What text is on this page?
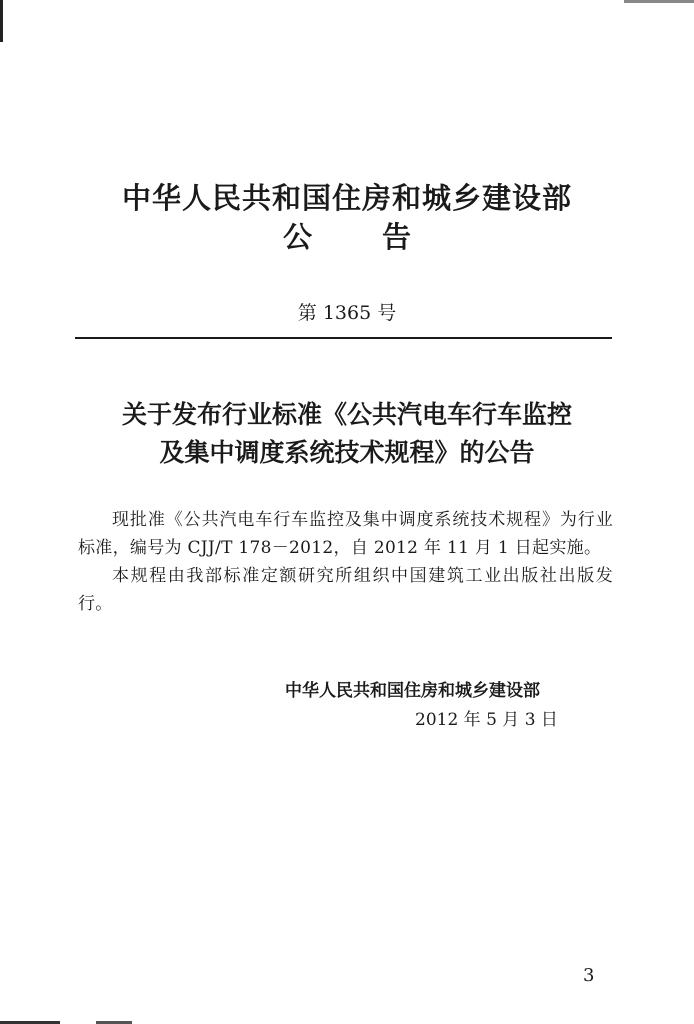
中华人民共和国住房和城乡建设部
公告
第 1365 号
关于发布行业标准《公共汽电车行车监控
及集中调度系统技术规程》的公告

现批准《公共汽电车行车监控及集中调度系统技术规程》为行业标准，编号为 CJJ/T 178－2012，自 2012 年 11 月 1 日起实施。

本规程由我部标准定额研究所组织中国建筑工业出版社出版发行。

中华人民共和国住房和城乡建设部
2012 年 5 月 3 日
3
